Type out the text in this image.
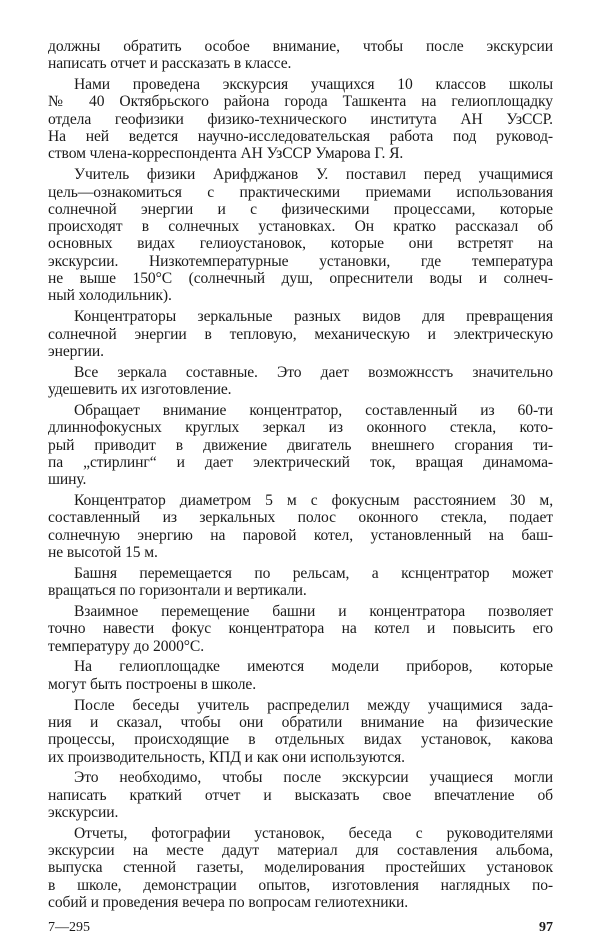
должны обратить особое внимание, чтобы после экскурсии
написать отчет и рассказать в классе.
Нами проведена экскурсия учащихся 10 классов школы
№ 40 Октябрьского района города Ташкента на гелиоплощадку
отдела геофизики физико-технического института АН УзССР.
На ней ведется научно-исследовательская работа под руковод-
ством члена-корреспондента АН УзССР Умарова Г. Я.
Учитель физики Арифджанов У. поставил перед учащимися
цель—ознакомиться с практическими приемами использования
солнечной энергии и с физическими процессами, которые
происходят в солнечных установках. Он кратко рассказал об
основных видах гелиоустановок, которые они встретят на
экскурсии. Низкотемпературные установки, где температура
не выше 150°С (солнечный душ, опреснители воды и солнеч-
ный холодильник).
Концентраторы зеркальные разных видов для превращения
солнечной энергии в тепловую, механическую и электрическую
энергии.
Все зеркала составные. Это дает возможнсстъ значительно
удешевить их изготовление.
Обращает внимание концентратор, составленный из 60-ти
длиннофокусных круглых зеркал из оконного стекла, кото-
рый приводит в движение двигатель внешнего сгорания ти-
па „стирлинг“ и дает электрический ток, вращая динамома-
шину.
Концентратор диаметром 5 м с фокусным расстоянием 30 м,
составленный из зеркальных полос оконного стекла, подает
солнечную энергию на паровой котел, установленный на баш-
не высотой 15 м.
Башня перемещается по рельсам, а кснцентратор может
вращаться по горизонтали и вертикали.
Взаимное перемещение башни и концентратора позволяет
точно навести фокус концентратора на котел и повысить его
температуру до 2000°С.
На гелиоплощадке имеются модели приборов, которые
могут быть построены в школе.
После беседы учитель распределил между учащимися зада-
ния и сказал, чтобы они обратили внимание на физические
процессы, происходящие в отдельных видах установок, какова
их производительность, КПД и как они используются.
Это необходимо, чтобы после экскурсии учащиеся могли
написать краткий отчет и высказать свое впечатление об
экскурсии.
Отчеты, фотографии установок, беседа с руководителями
экскурсии на месте дадут материал для составления альбома,
выпуска стенной газеты, моделирования простейших установок
в школе, демонстрации опытов, изготовления наглядных по-
собий и проведения вечера по вопросам гелиотехники.
7—295	97
